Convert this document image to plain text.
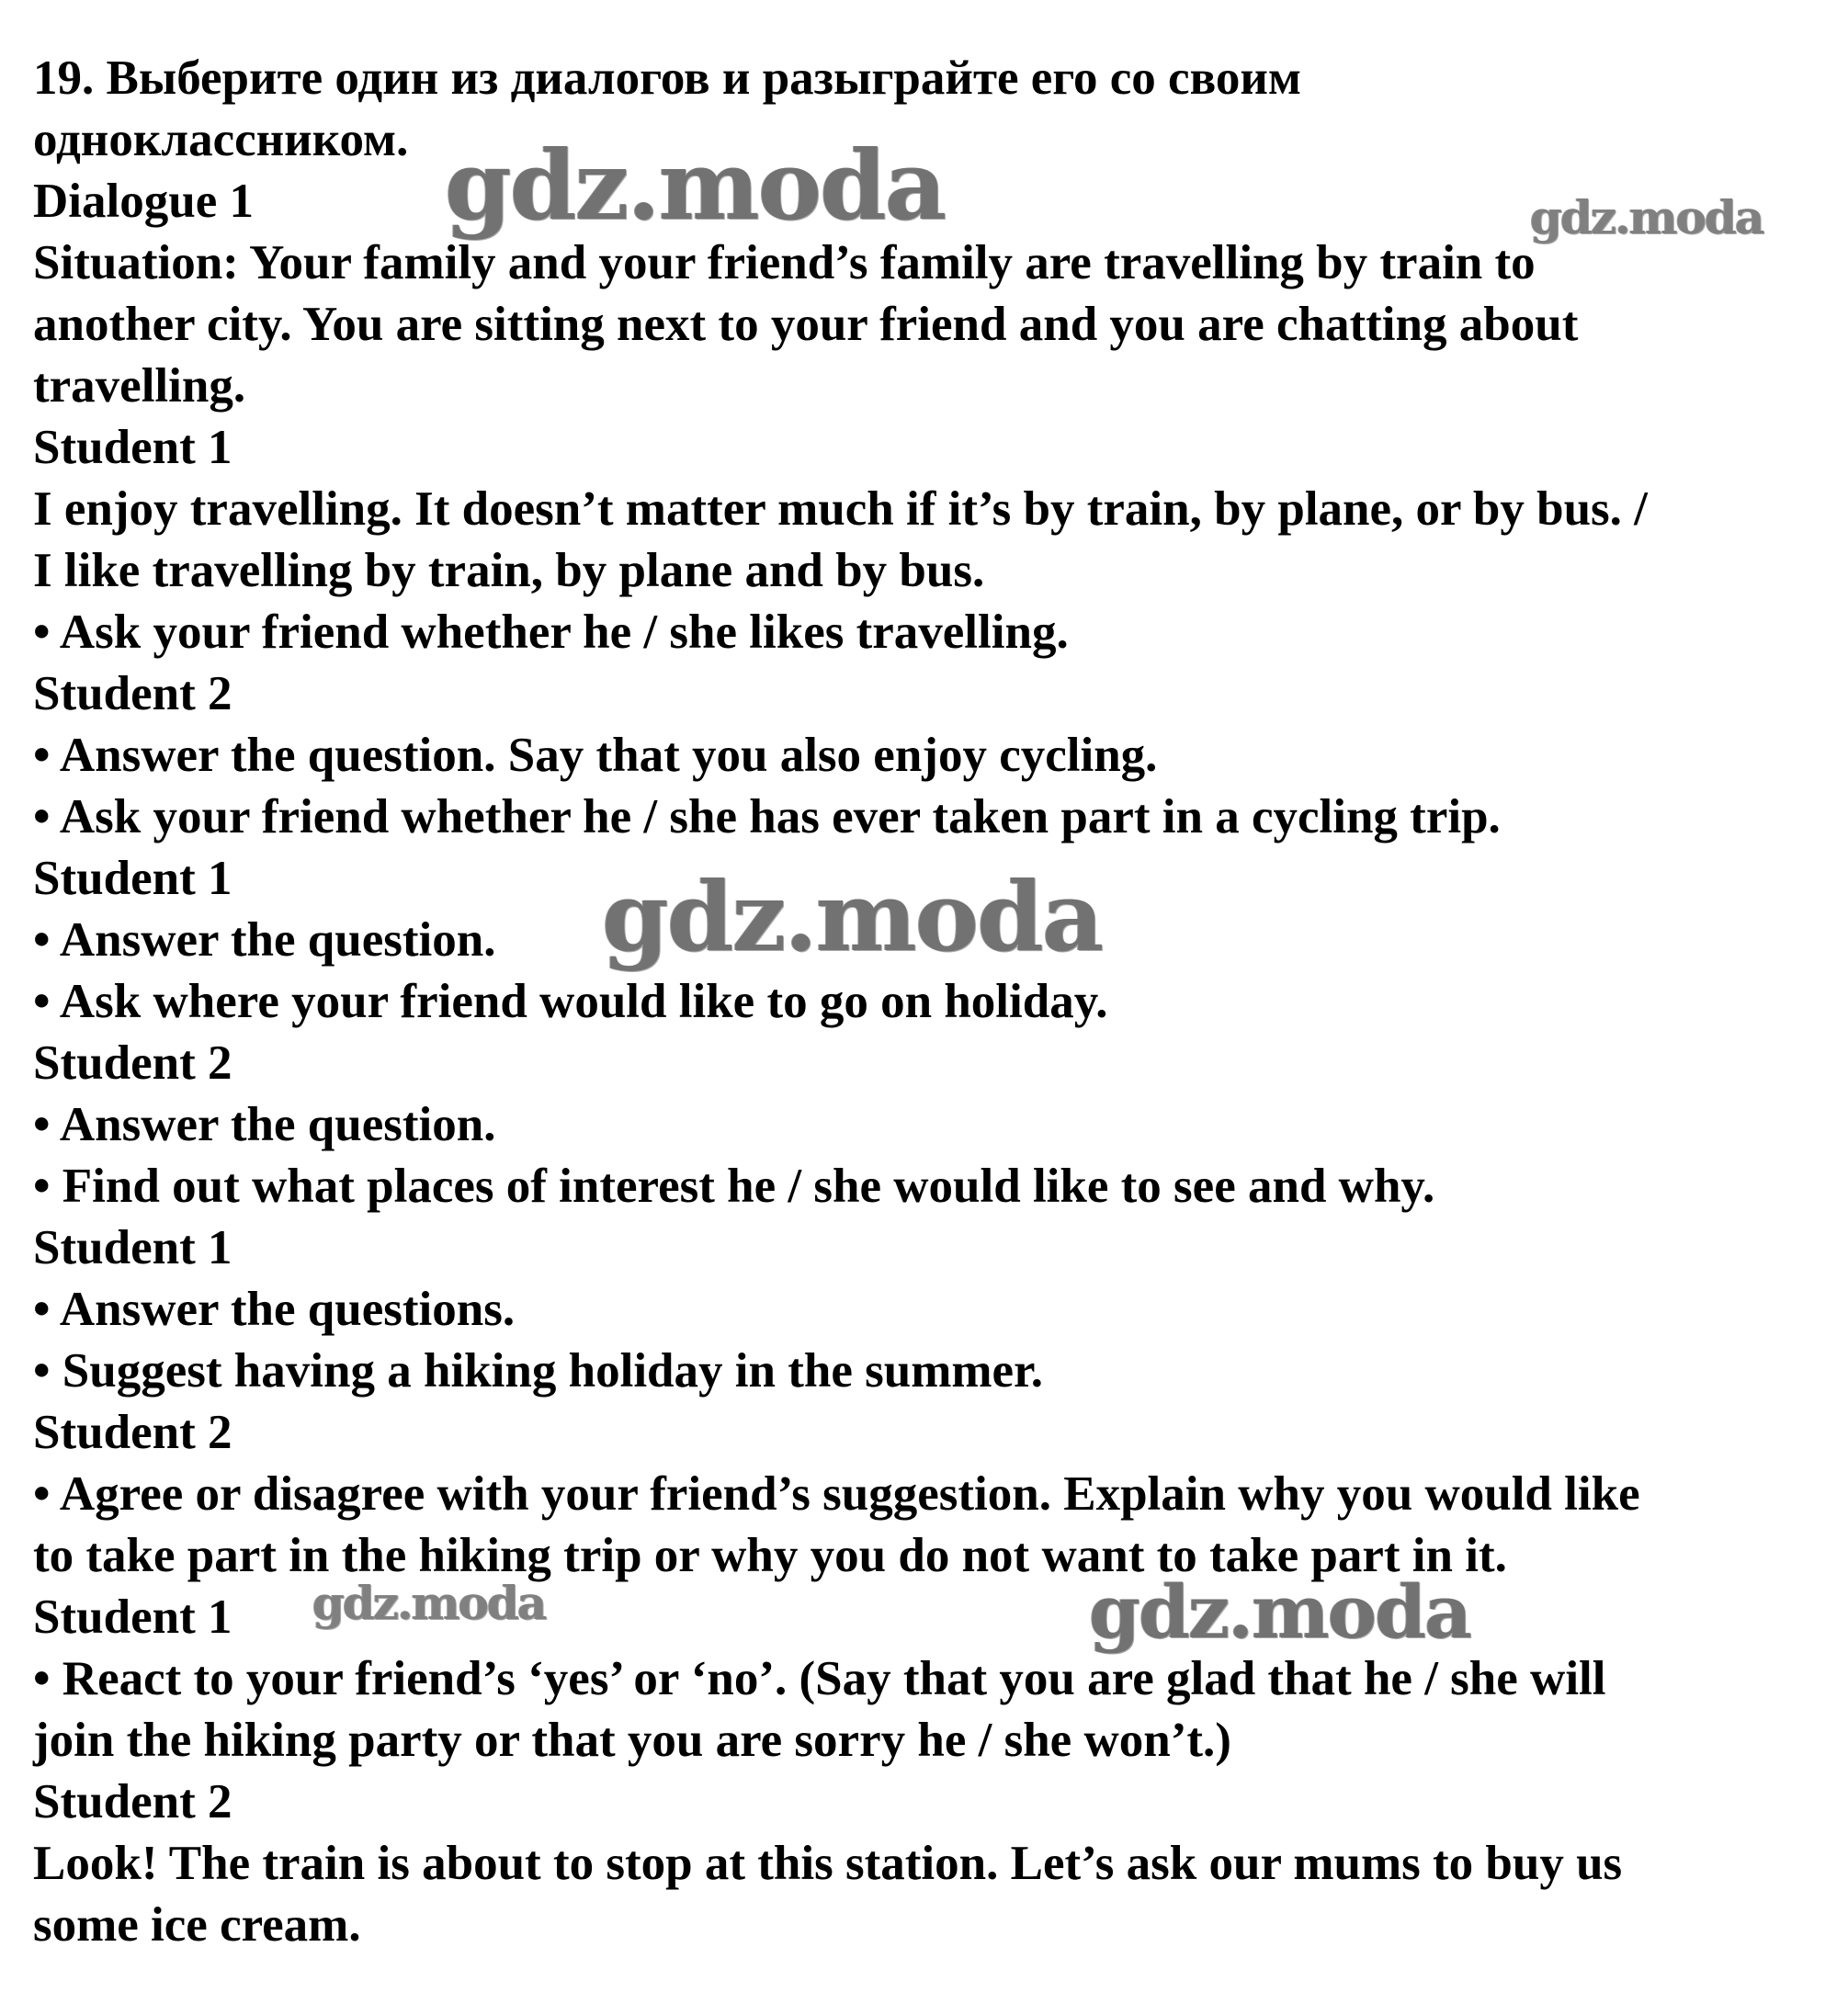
19. Выберите один из диалогов и разыграйте его со своим
одноклассником.
Dialogue 1
Situation: Your family and your friend’s family are travelling by train to
another city. You are sitting next to your friend and you are chatting about
travelling.
Student 1
I enjoy travelling. It doesn’t matter much if it’s by train, by plane, or by bus. /
I like travelling by train, by plane and by bus.
• Ask your friend whether he / she likes travelling.
Student 2
• Answer the question. Say that you also enjoy cycling.
• Ask your friend whether he / she has ever taken part in a cycling trip.
Student 1
• Answer the question.
• Ask where your friend would like to go on holiday.
Student 2
• Answer the question.
• Find out what places of interest he / she would like to see and why.
Student 1
• Answer the questions.
• Suggest having a hiking holiday in the summer.
Student 2
• Agree or disagree with your friend’s suggestion. Explain why you would like
to take part in the hiking trip or why you do not want to take part in it.
Student 1
• React to your friend’s ‘yes’ or ‘no’. (Say that you are glad that he / she will
join the hiking party or that you are sorry he / she won’t.)
Student 2
Look! The train is about to stop at this station. Let’s ask our mums to buy us
some ice cream.
gdz.moda	gdz.moda
gdz.moda
gdz.moda	gdz.moda
